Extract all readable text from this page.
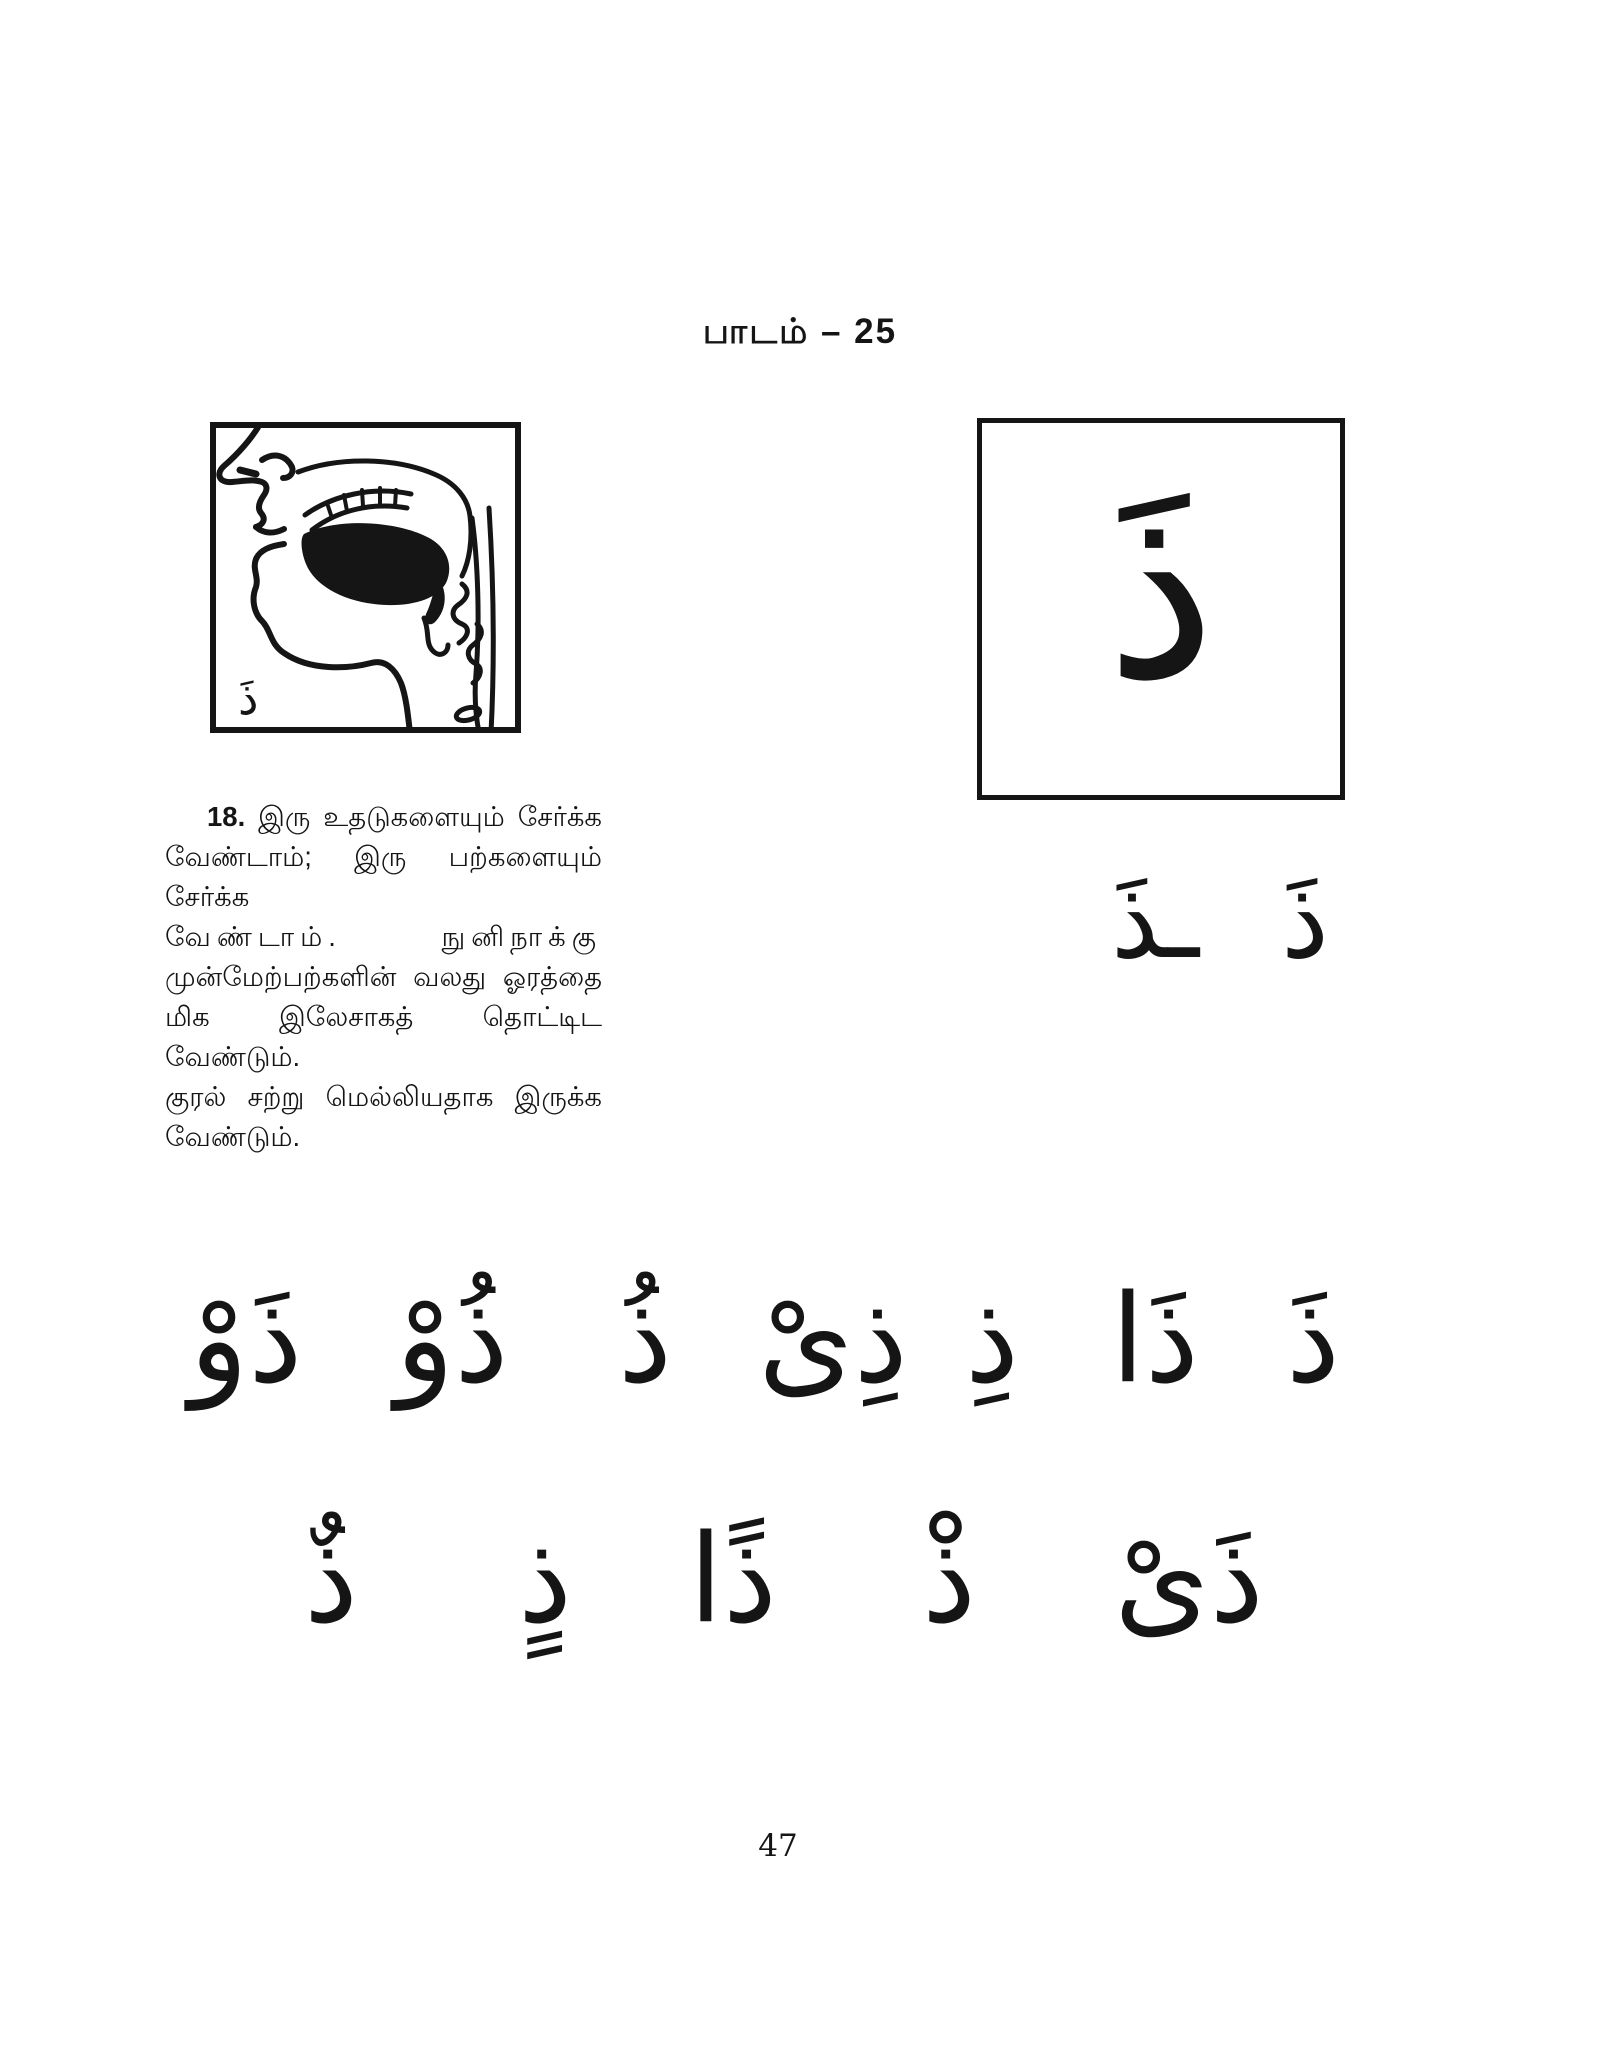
பாடம் – 25
ذَ	ذَ
ذَ
ـذَ
18. இரு உதடுகளையும் சேர்க்க
வேண்டாம்; இரு பற்களையும் சேர்க்க
வேண்டாம். நுனிநாக்கு
முன்மேற்பற்களின் வலது ஓரத்தை
மிக இலேசாகத் தொட்டிட வேண்டும்.
குரல் சற்று மெல்லியதாக இருக்க
வேண்டும்.
ذَ
ذَا
ذِ
ذِىْ
ذُ
ذُوْ
ذَوْ
ذَىْ
ذْ
ذًا
ذٍ
ذٌ
47
